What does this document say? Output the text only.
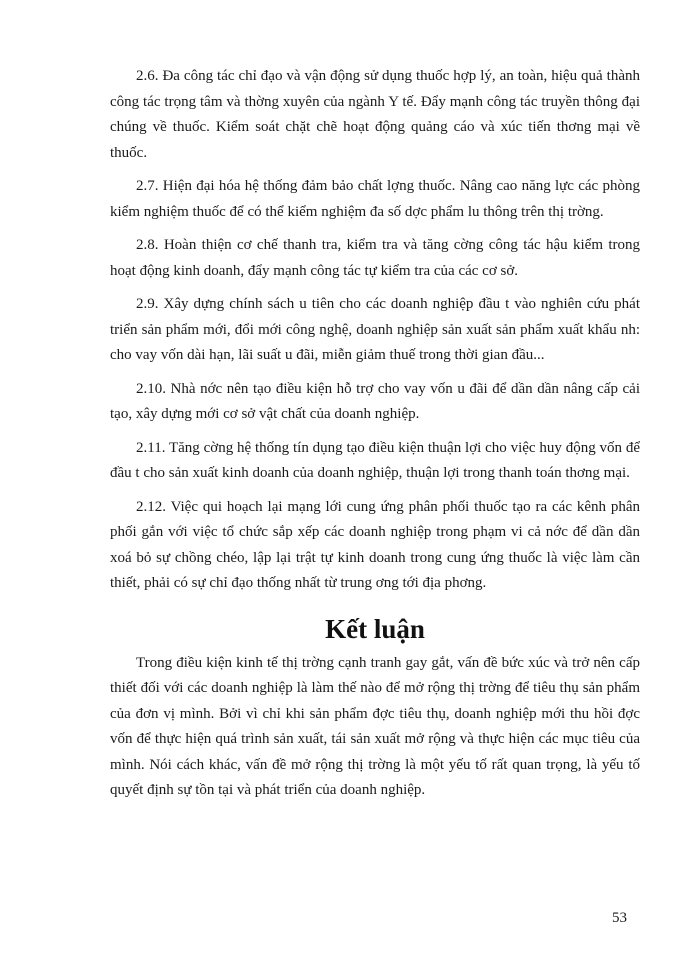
2.6. Đa công tác chỉ đạo và vận động sử dụng thuốc hợp lý, an toàn, hiệu quả thành công tác trọng tâm và thờng xuyên của ngành Y tế. Đẩy mạnh công tác truyền thông đại chúng về thuốc. Kiểm soát chặt chẽ hoạt động quảng cáo và xúc tiến thơng mại về thuốc.

2.7. Hiện đại hóa hệ thống đảm bảo chất lợng thuốc. Nâng cao năng lực các phòng kiểm nghiệm thuốc để có thể kiểm nghiệm đa số dợc phẩm lu thông trên thị trờng.

2.8. Hoàn thiện cơ chế thanh tra, kiểm tra và tăng cờng công tác hậu kiểm trong hoạt động kinh doanh, đẩy mạnh công tác tự kiểm tra của các cơ sở.

2.9. Xây dựng chính sách u tiên cho các doanh nghiệp đầu t vào nghiên cứu phát triển sản phẩm mới, đổi mới công nghệ, doanh nghiệp sản xuất sản phẩm xuất khẩu nh: cho vay vốn dài hạn, lãi suất u đãi, miễn giảm thuế trong thời gian đầu...

2.10. Nhà nớc nên tạo điều kiện hỗ trợ cho vay vốn u đãi để dần dần nâng cấp cải tạo, xây dựng mới cơ sở vật chất của doanh nghiệp.

2.11. Tăng cờng hệ thống tín dụng tạo điều kiện thuận lợi cho việc huy động vốn để đầu t cho sản xuất kinh doanh của doanh nghiệp, thuận lợi trong thanh toán thơng mại.

2.12. Việc qui hoạch lại mạng lới cung ứng phân phối thuốc tạo ra các kênh phân phối gắn với việc tổ chức sắp xếp các doanh nghiệp trong phạm vi cả nớc để dần dần xoá bỏ sự chồng chéo, lập lại trật tự kinh doanh trong cung ứng thuốc là việc làm cần thiết, phải có sự chỉ đạo thống nhất từ trung ơng tới địa phơng.

Kết luận

Trong điều kiện kinh tế thị trờng cạnh tranh gay gắt, vấn đề bức xúc và trở nên cấp thiết đối với các doanh nghiệp là làm thế nào để mở rộng thị trờng để tiêu thụ sản phẩm của đơn vị mình. Bởi vì chỉ khi sản phẩm đợc tiêu thụ, doanh nghiệp mới thu hồi đợc vốn để thực hiện quá trình sản xuất, tái sản xuất mở rộng và thực hiện các mục tiêu của mình. Nói cách khác, vấn đề mở rộng thị trờng là một yếu tố rất quan trọng, là yếu tố quyết định sự tồn tại và phát triển của doanh nghiệp.

53
